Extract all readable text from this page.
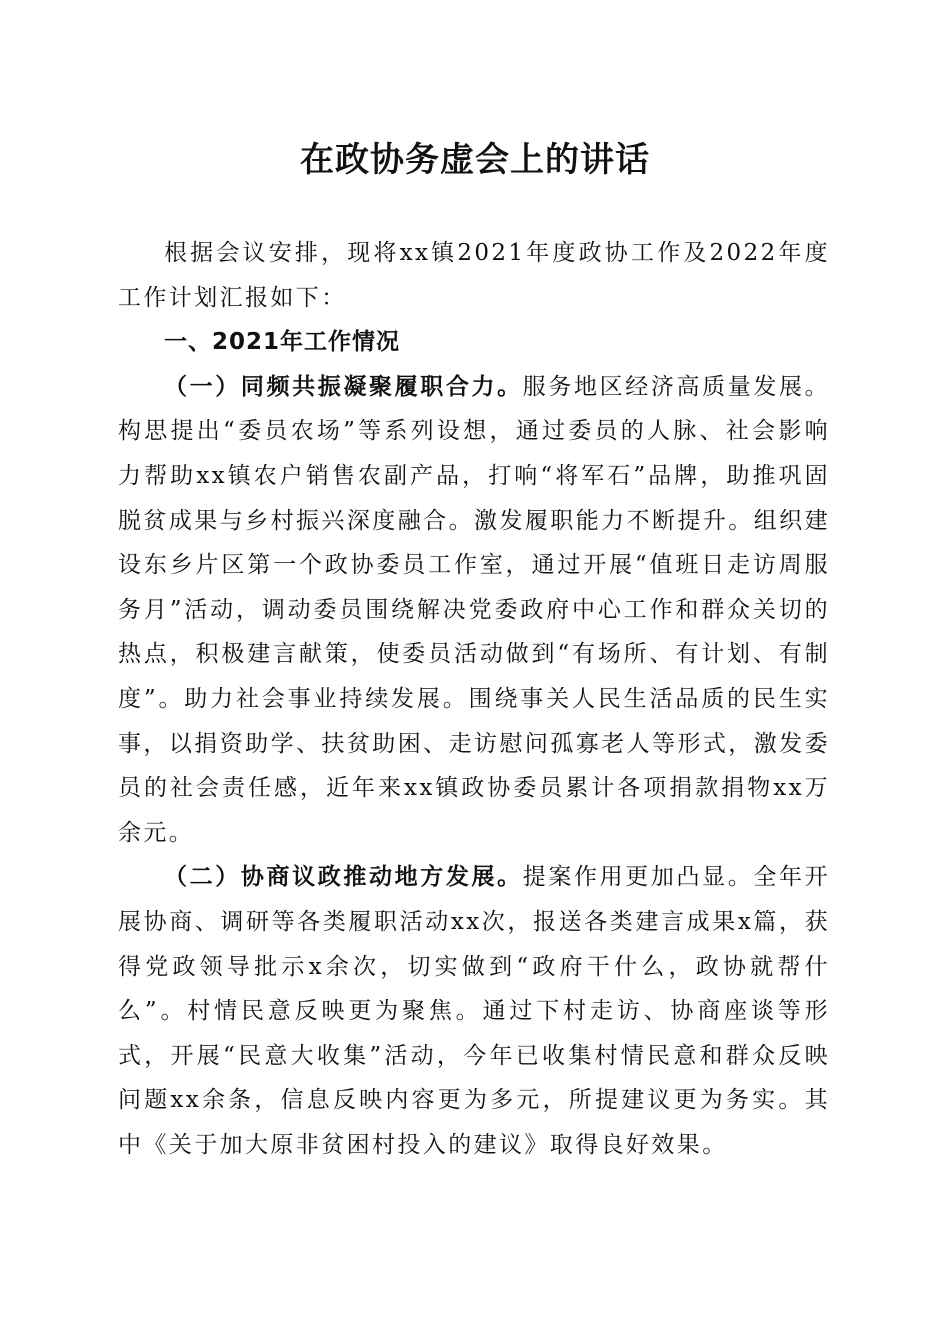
在政协务虚会上的讲话

根据会议安排，现将xx镇2021年度政协工作及2022年度工作计划汇报如下：

一、2021年工作情况

（一）同频共振凝聚履职合力。服务地区经济高质量发展。构思提出“委员农场”等系列设想，通过委员的人脉、社会影响力帮助xx镇农户销售农副产品，打响“将军石”品牌，助推巩固脱贫成果与乡村振兴深度融合。激发履职能力不断提升。组织建设东乡片区第一个政协委员工作室，通过开展“值班日走访周服务月”活动，调动委员围绕解决党委政府中心工作和群众关切的热点，积极建言献策，使委员活动做到“有场所、有计划、有制度”。助力社会事业持续发展。围绕事关人民生活品质的民生实事，以捐资助学、扶贫助困、走访慰问孤寡老人等形式，激发委员的社会责任感，近年来xx镇政协委员累计各项捐款捐物xx万余元。

（二）协商议政推动地方发展。提案作用更加凸显。全年开展协商、调研等各类履职活动xx次，报送各类建言成果x篇，获得党政领导批示x余次，切实做到“政府干什么，政协就帮什么”。村情民意反映更为聚焦。通过下村走访、协商座谈等形式，开展“民意大收集”活动，今年已收集村情民意和群众反映问题xx余条，信息反映内容更为多元，所提建议更为务实。其中《关于加大原非贫困村投入的建议》取得良好效果。
